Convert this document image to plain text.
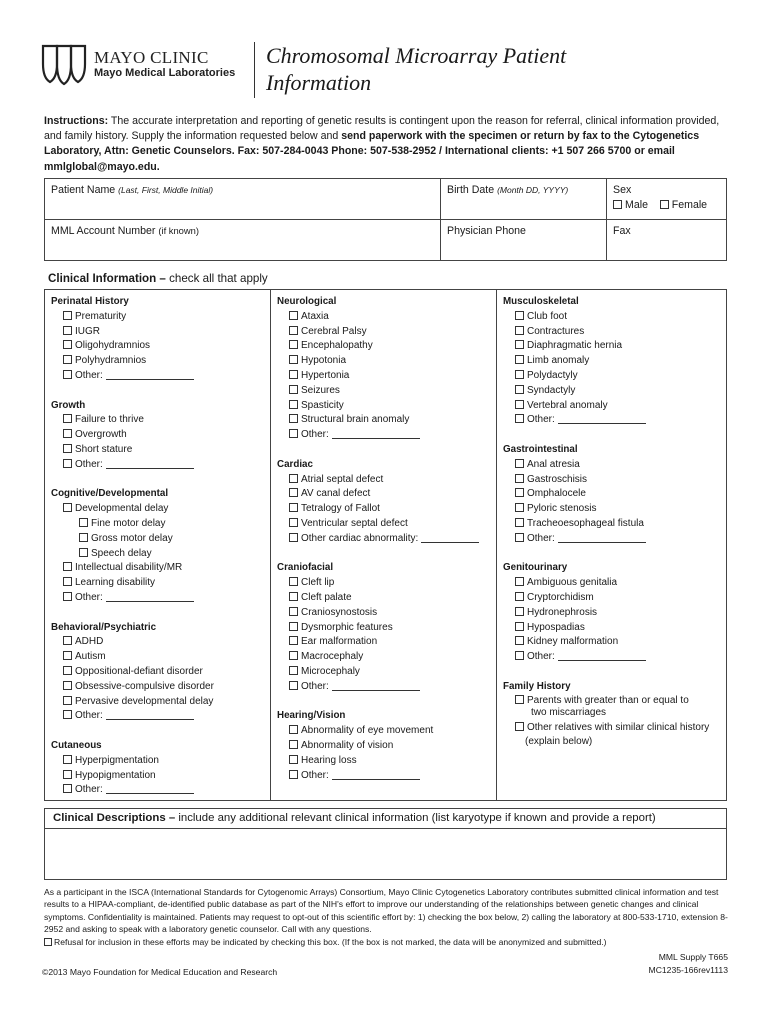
MAYO CLINIC
Mayo Medical Laboratories
Chromosomal Microarray Patient
Information
Instructions: The accurate interpretation and reporting of genetic results is contingent upon the reason for referral, clinical information provided, and family history. Supply the information requested below and send paperwork with the specimen or return by fax to the Cytogenetics Laboratory, Attn: Genetic Counselors. Fax: 507-284-0043 Phone: 507-538-2952 / International clients: +1 507 266 5700 or email mmlglobal@mayo.edu.
Patient Name (Last, First, Middle Initial)	Birth Date (Month DD, YYYY)	Sex
Male Female
MML Account Number (if known)	Physician Phone	Fax
Clinical Information – check all that apply
Perinatal History
Prematurity
IUGR
Oligohydramnios
Polyhydramnios
Other:
Growth
Failure to thrive
Overgrowth
Short stature
Other:
Cognitive/Developmental
Developmental delay
Fine motor delay
Gross motor delay
Speech delay
Intellectual disability/MR
Learning disability
Other:
Behavioral/Psychiatric
ADHD
Autism
Oppositional-defiant disorder
Obsessive-compulsive disorder
Pervasive developmental delay
Other:
Cutaneous
Hyperpigmentation
Hypopigmentation
Other:
Neurological
Ataxia
Cerebral Palsy
Encephalopathy
Hypotonia
Hypertonia
Seizures
Spasticity
Structural brain anomaly
Other:
Cardiac
Atrial septal defect
AV canal defect
Tetralogy of Fallot
Ventricular septal defect
Other cardiac abnormality:
Craniofacial
Cleft lip
Cleft palate
Craniosynostosis
Dysmorphic features
Ear malformation
Macrocephaly
Microcephaly
Other:
Hearing/Vision
Abnormality of eye movement
Abnormality of vision
Hearing loss
Other:
Musculoskeletal
Club foot
Contractures
Diaphragmatic hernia
Limb anomaly
Polydactyly
Syndactyly
Vertebral anomaly
Other:
Gastrointestinal
Anal atresia
Gastroschisis
Omphalocele
Pyloric stenosis
Tracheoesophageal fistula
Other:
Genitourinary
Ambiguous genitalia
Cryptorchidism
Hydronephrosis
Hypospadias
Kidney malformation
Other:
Family History
Parents with greater than or equal to
two miscarriages
Other relatives with similar clinical history
(explain below)
Clinical Descriptions – include any additional relevant clinical information (list karyotype if known and provide a report)
As a participant in the ISCA (International Standards for Cytogenomic Arrays) Consortium, Mayo Clinic Cytogenetics Laboratory contributes submitted clinical information and test results to a HIPAA-compliant, de-identified public database as part of the NIH's effort to improve our understanding of the relationships between genetic changes and clinical symptoms. Confidentiality is maintained. Patients may request to opt-out of this scientific effort by: 1) checking the box below, 2) calling the laboratory at 800-533-1710, extension 8-2952 and asking to speak with a laboratory genetic counselor. Call with any questions.
Refusal for inclusion in these efforts may be indicated by checking this box. (If the box is not marked, the data will be anonymized and submitted.)
MML Supply T665
MC1235-166rev1113
©2013 Mayo Foundation for Medical Education and Research
